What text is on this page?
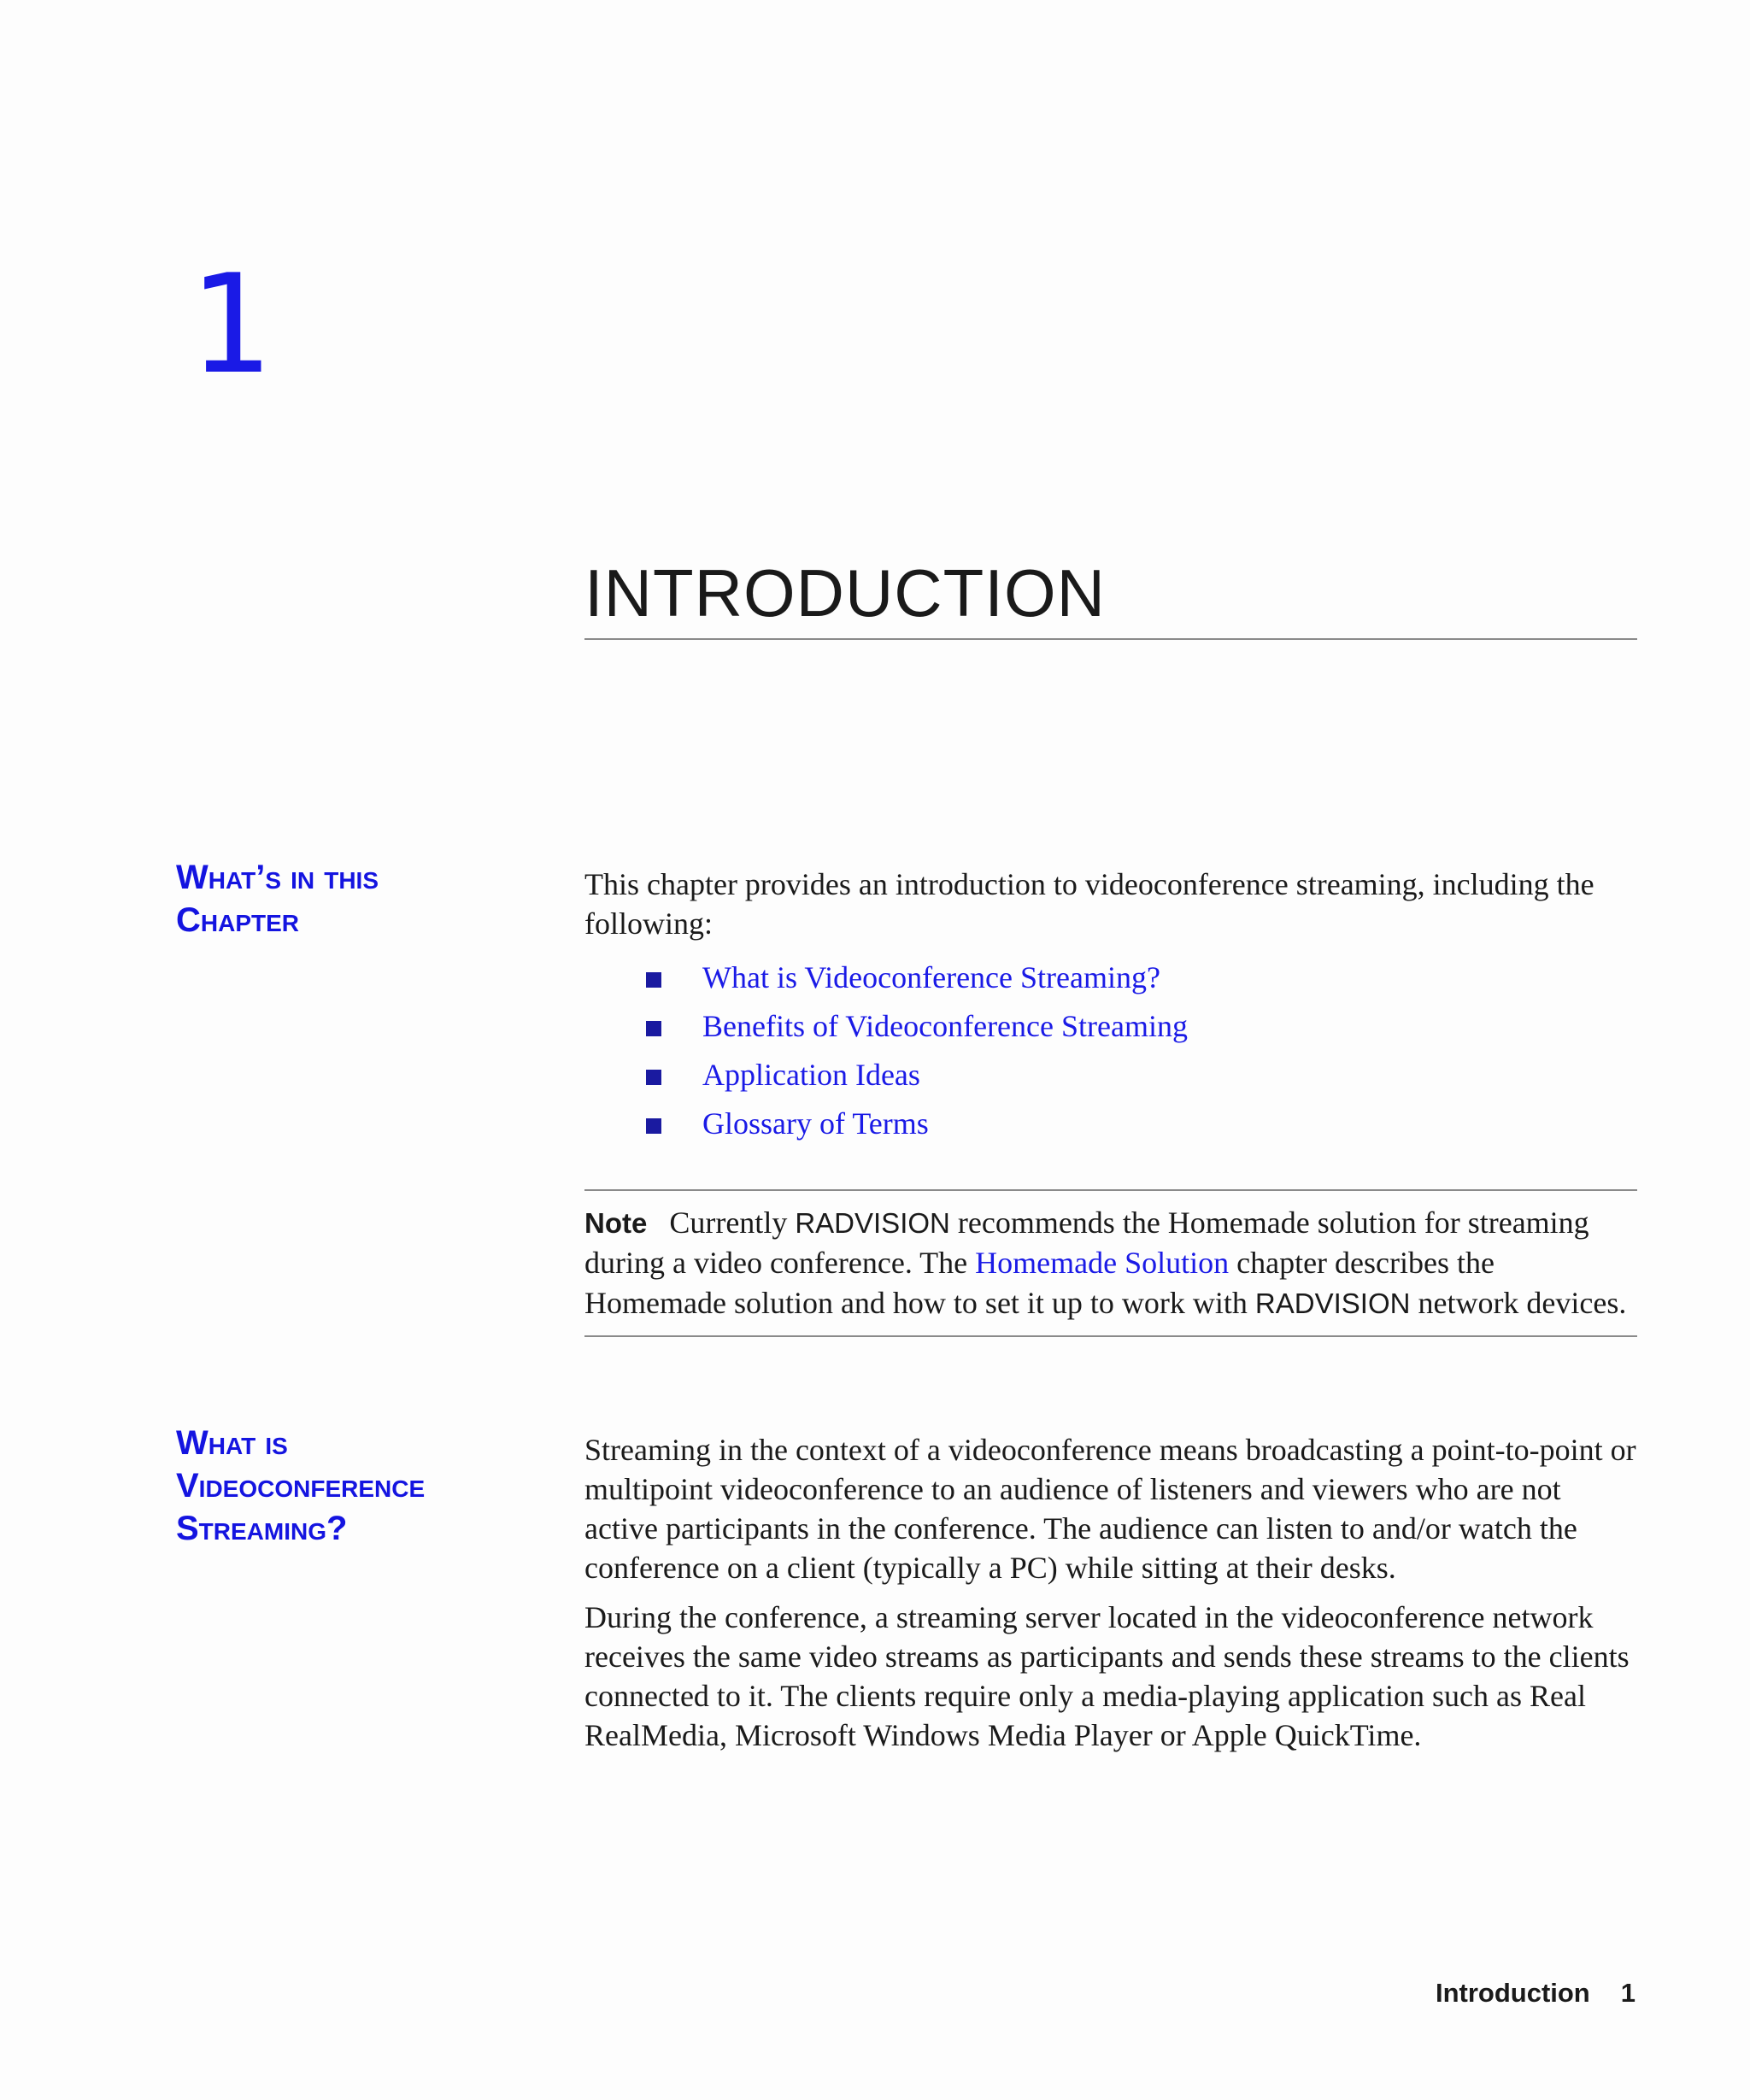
1
INTRODUCTION
What’s in this
Chapter

This chapter provides an introduction to videoconference streaming, including the following:

What is Videoconference Streaming?
Benefits of Videoconference Streaming
Application Ideas
Glossary of Terms
Note Currently RADVISION recommends the Homemade solution for streaming during a video conference. The Homemade Solution chapter describes the Homemade solution and how to set it up to work with RADVISION network devices.
What is
Videoconference
Streaming?

Streaming in the context of a videoconference means broadcasting a point-to-point or multipoint videoconference to an audience of listeners and viewers who are not active participants in the conference. The audience can listen to and/or watch the conference on a client (typically a PC) while sitting at their desks.

During the conference, a streaming server located in the videoconference network receives the same video streams as participants and sends these streams to the clients connected to it. The clients require only a media-playing application such as Real RealMedia, Microsoft Windows Media Player or Apple QuickTime.

Introduction 1
